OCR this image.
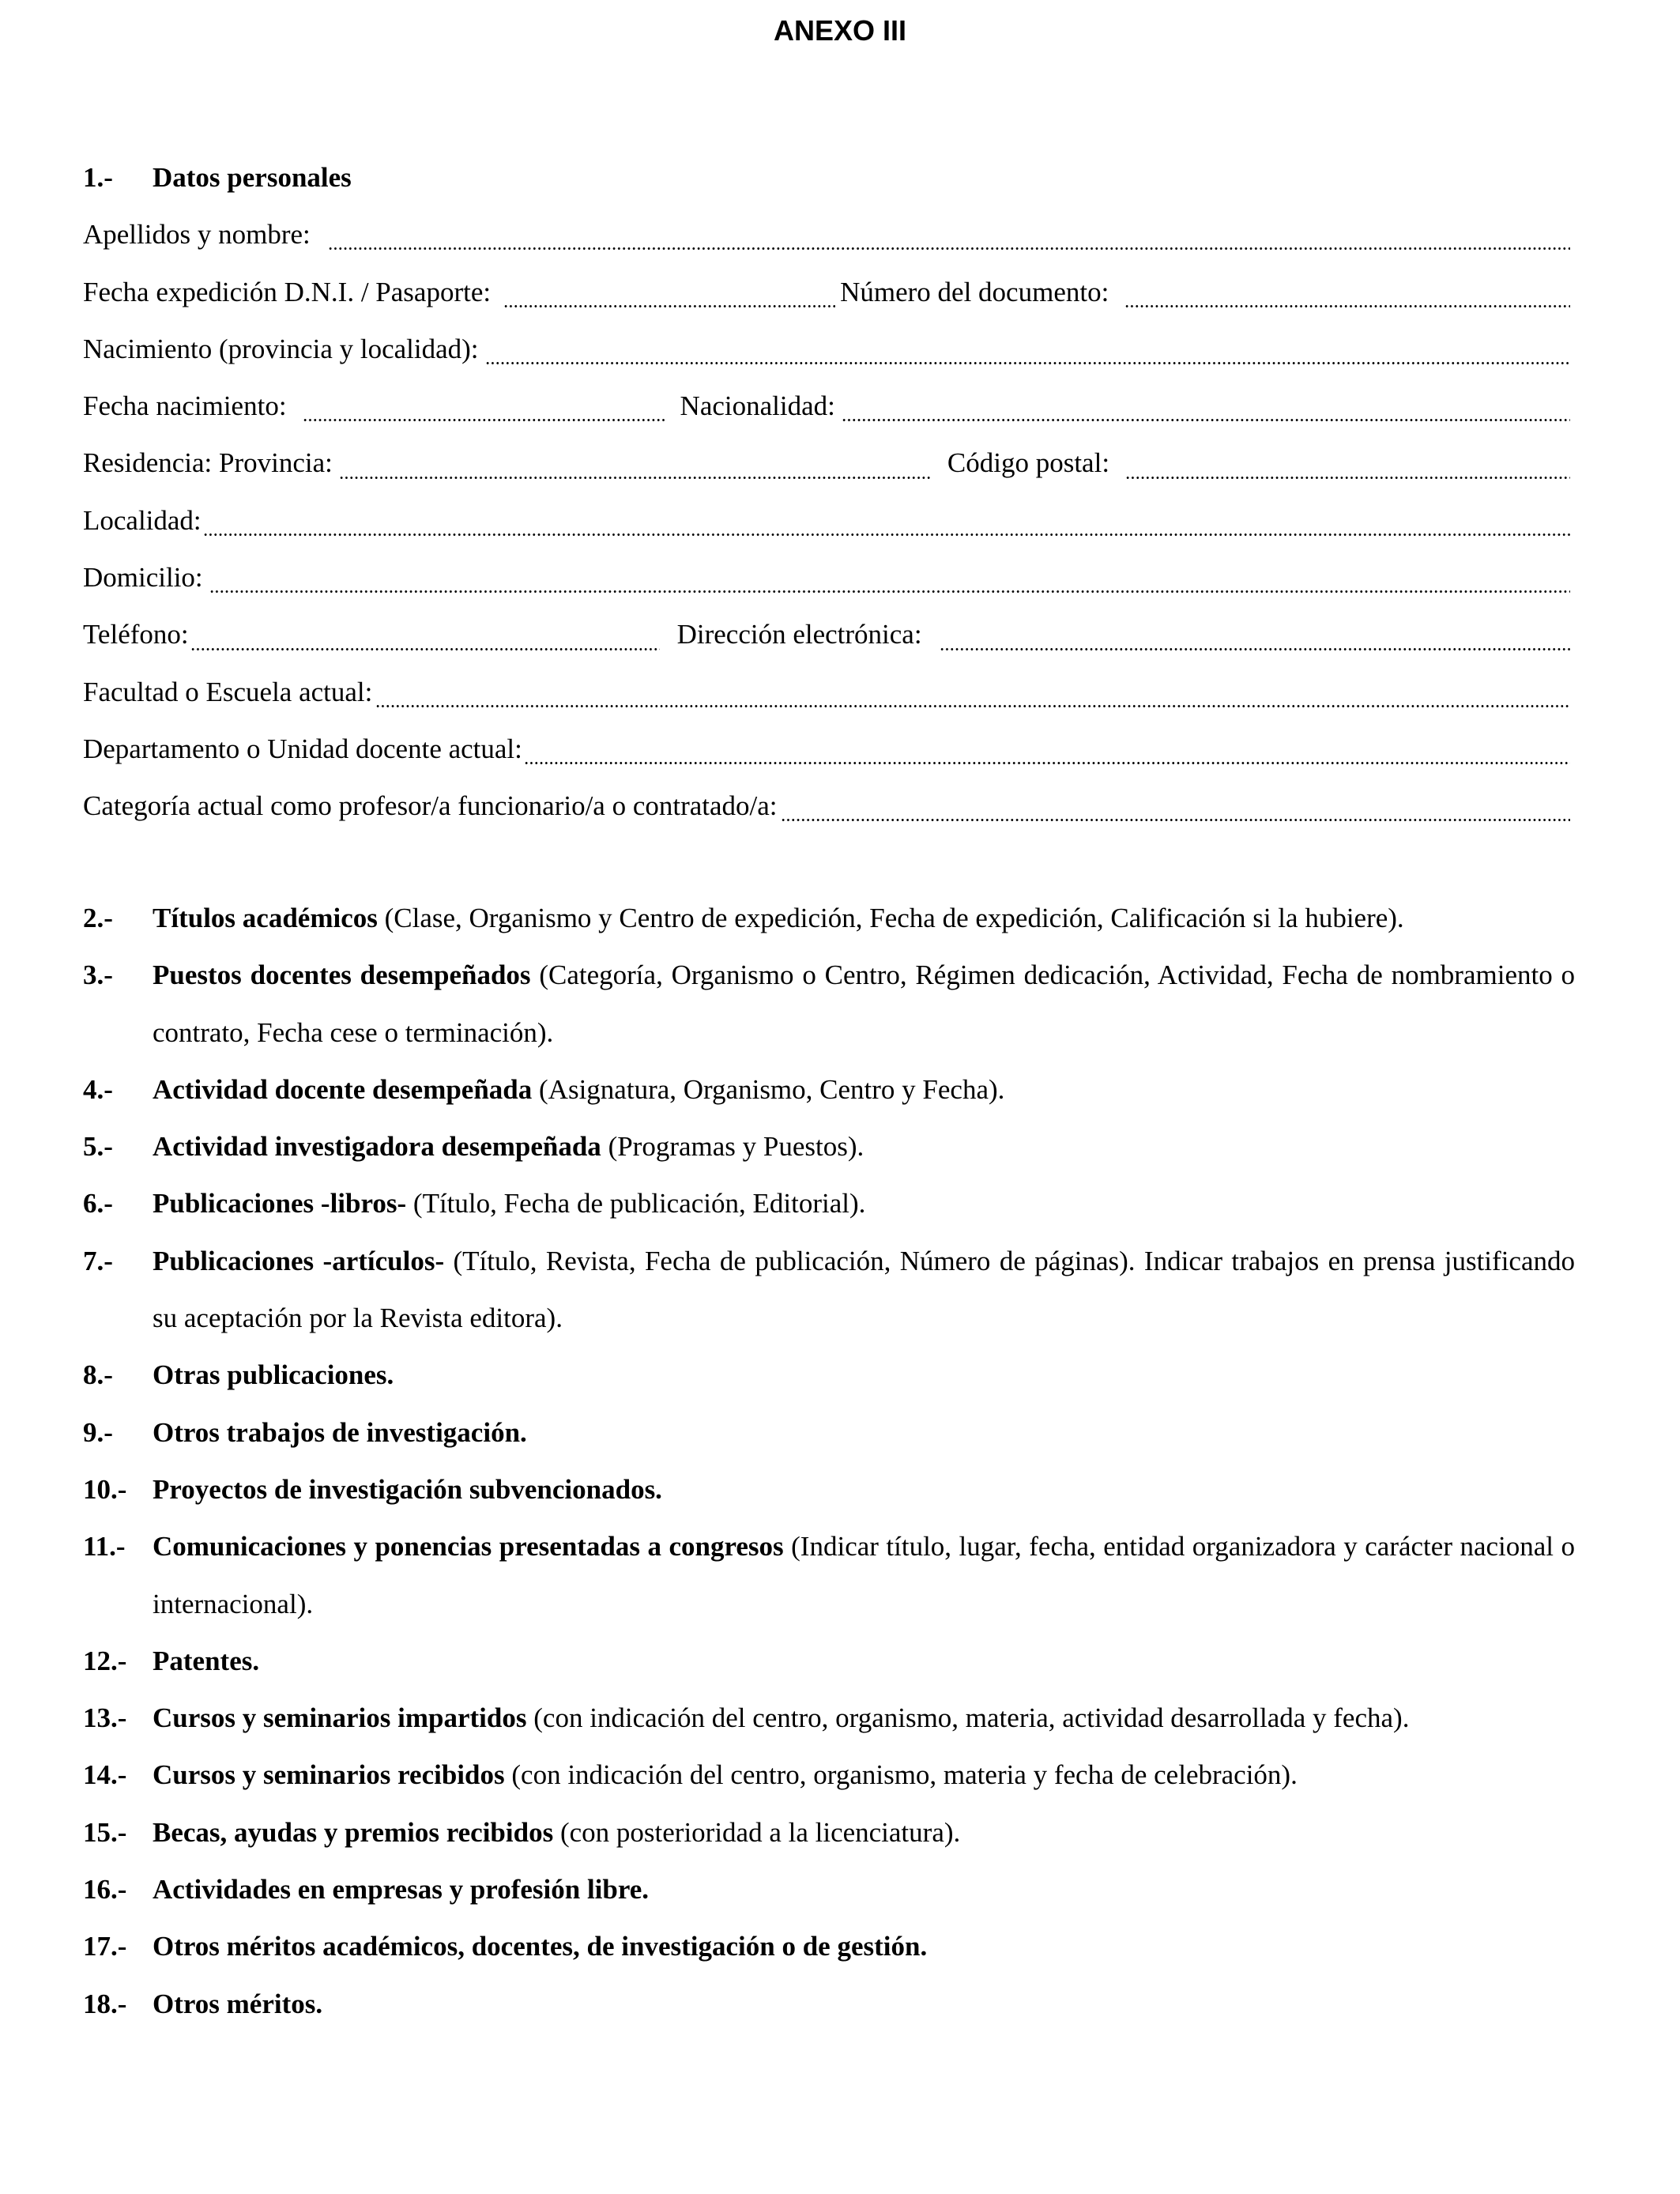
ANEXO III
1.-	Datos personales
Apellidos y nombre:
Fecha expedición D.N.I. / Pasaporte:	Número del documento:
Nacimiento (provincia y localidad):
Fecha nacimiento:	Nacionalidad:
Residencia: Provincia:	Código postal:
Localidad:
Domicilio:
Teléfono:	Dirección electrónica:
Facultad o Escuela actual:
Departamento o Unidad docente actual:
Categoría actual como profesor/a funcionario/a o contratado/a:
2.-	Títulos académicos (Clase, Organismo y Centro de expedición, Fecha de expedición, Calificación si la hubiere).
3.-	Puestos docentes desempeñados (Categoría, Organismo o Centro, Régimen dedicación, Actividad, Fecha de nombramiento o contrato, Fecha cese o terminación).
4.-	Actividad docente desempeñada (Asignatura, Organismo, Centro y Fecha).
5.-	Actividad investigadora desempeñada (Programas y Puestos).
6.-	Publicaciones -libros- (Título, Fecha de publicación, Editorial).
7.-	Publicaciones -artículos- (Título, Revista, Fecha de publicación, Número de páginas). Indicar trabajos en prensa justificando su aceptación por la Revista editora).
8.-	Otras publicaciones.
9.-	Otros trabajos de investigación.
10.- Proyectos de investigación subvencionados.
11.- Comunicaciones y ponencias presentadas a congresos (Indicar título, lugar, fecha, entidad organizadora y carácter nacional o internacional).
12.- Patentes.
13.- Cursos y seminarios impartidos (con indicación del centro, organismo, materia, actividad desarrollada y fecha).
14.- Cursos y seminarios recibidos (con indicación del centro, organismo, materia y fecha de celebración).
15.- Becas, ayudas y premios recibidos (con posterioridad a la licenciatura).
16.- Actividades en empresas y profesión libre.
17.- Otros méritos académicos, docentes, de investigación o de gestión.
18.- Otros méritos.
